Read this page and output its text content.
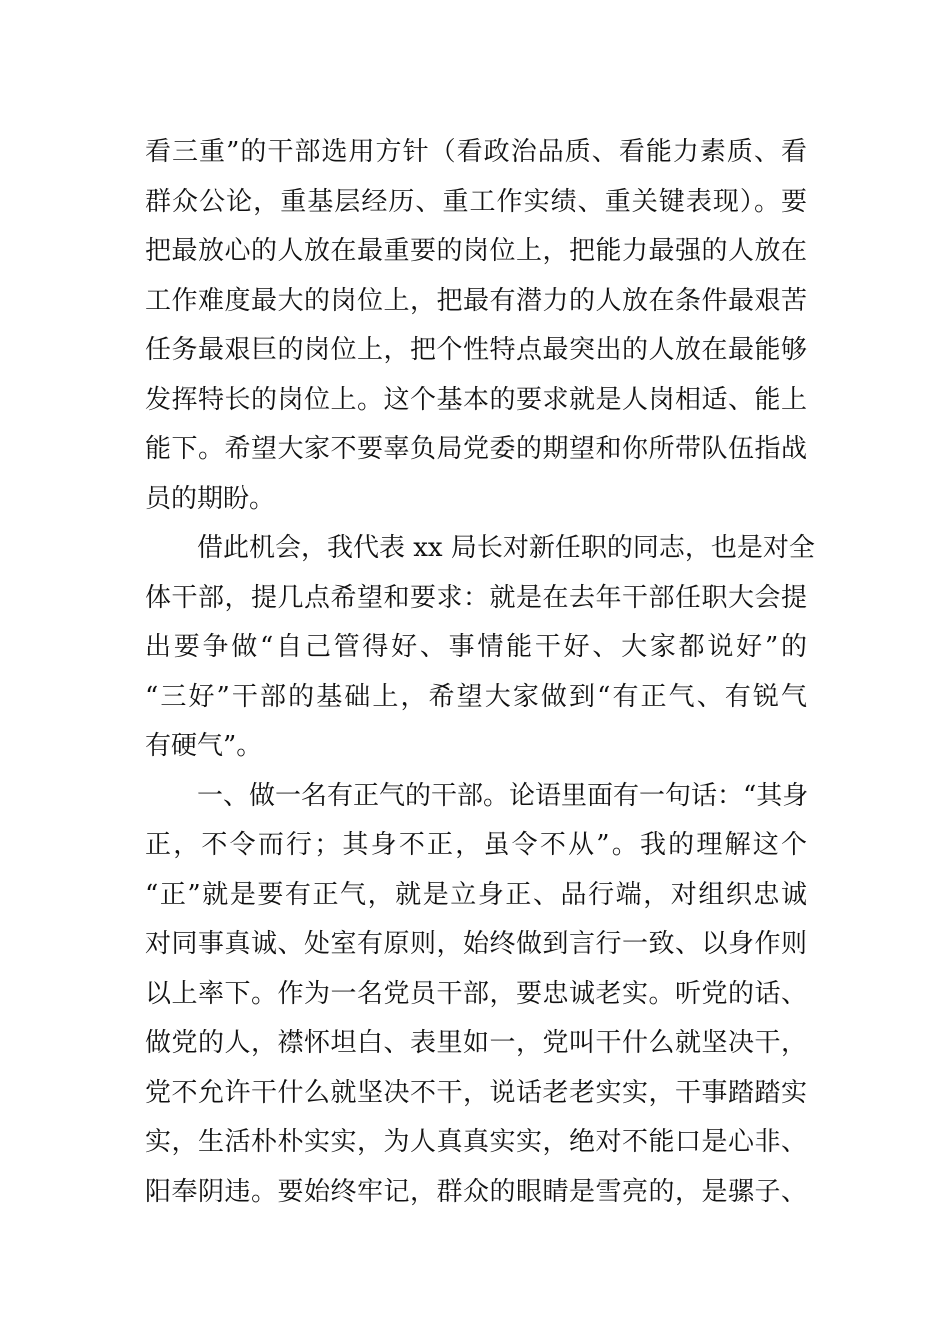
看三重”的干部选用方针（看政治品质、看能力素质、看
群众公论，重基层经历、重工作实绩、重关键表现）。要
把最放心的人放在最重要的岗位上，把能力最强的人放在
工作难度最大的岗位上，把最有潜力的人放在条件最艰苦
任务最艰巨的岗位上，把个性特点最突出的人放在最能够
发挥特长的岗位上。这个基本的要求就是人岗相适、能上
能下。希望大家不要辜负局党委的期望和你所带队伍指战
员的期盼。
借此机会，我代表 xx 局长对新任职的同志，也是对全
体干部，提几点希望和要求：就是在去年干部任职大会提
出要争做“自己管得好、事情能干好、大家都说好”的
“三好”干部的基础上，希望大家做到“有正气、有锐气
有硬气”。
一、做一名有正气的干部。论语里面有一句话：“其身
正，不令而行；其身不正，虽令不从”。我的理解这个
“正”就是要有正气，就是立身正、品行端，对组织忠诚
对同事真诚、处室有原则，始终做到言行一致、以身作则
以上率下。作为一名党员干部，要忠诚老实。听党的话、
做党的人，襟怀坦白、表里如一，党叫干什么就坚决干，
党不允许干什么就坚决不干，说话老老实实，干事踏踏实
实，生活朴朴实实，为人真真实实，绝对不能口是心非、
阳奉阴违。要始终牢记，群众的眼睛是雪亮的，是骡子、
